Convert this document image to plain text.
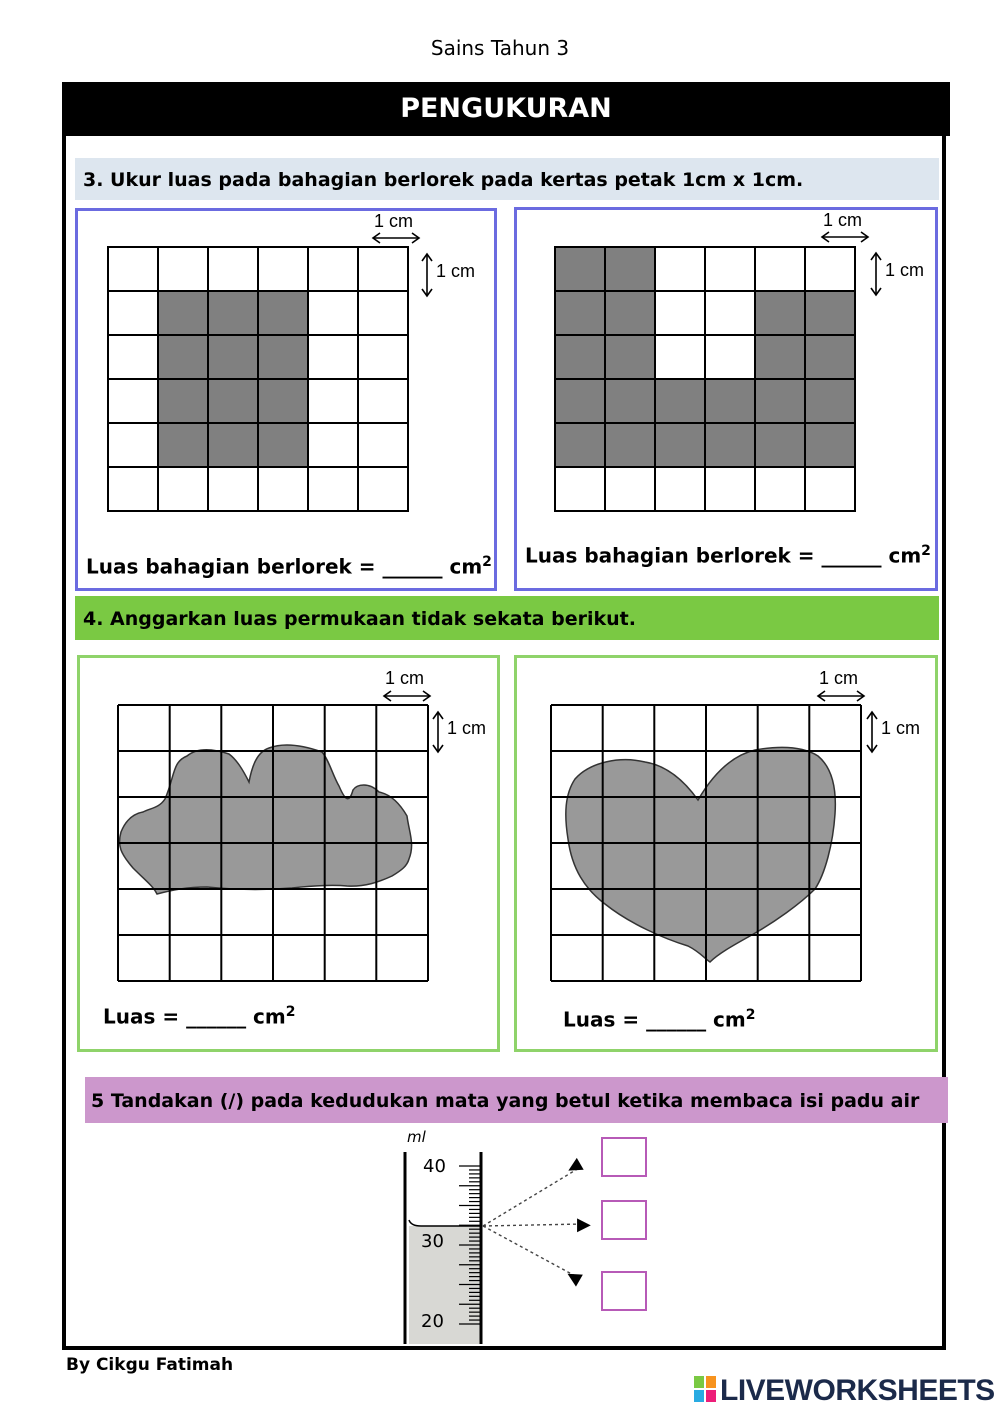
Sains Tahun 3
PENGUKURAN
3. Ukur luas pada bahagian berlorek pada kertas petak 1cm x 1cm.

1 cm
1 cm
Luas bahagian berlorek = ______ $cm^2$

1 cm
1 cm
Luas bahagian berlorek = ______ $cm^2$
4. Anggarkan luas permukaan tidak sekata berikut.
1 cm
1 cm
Luas = ______ $cm^2$
1 cm
1 cm
Luas = ______ $cm^2$
5 Tandakan (/) pada kedudukan mata yang betul ketika membaca isi padu air
ml
40
30
20
◀
▶
◀
By Cikgu Fatimah
LIVEWORKSHEETS
